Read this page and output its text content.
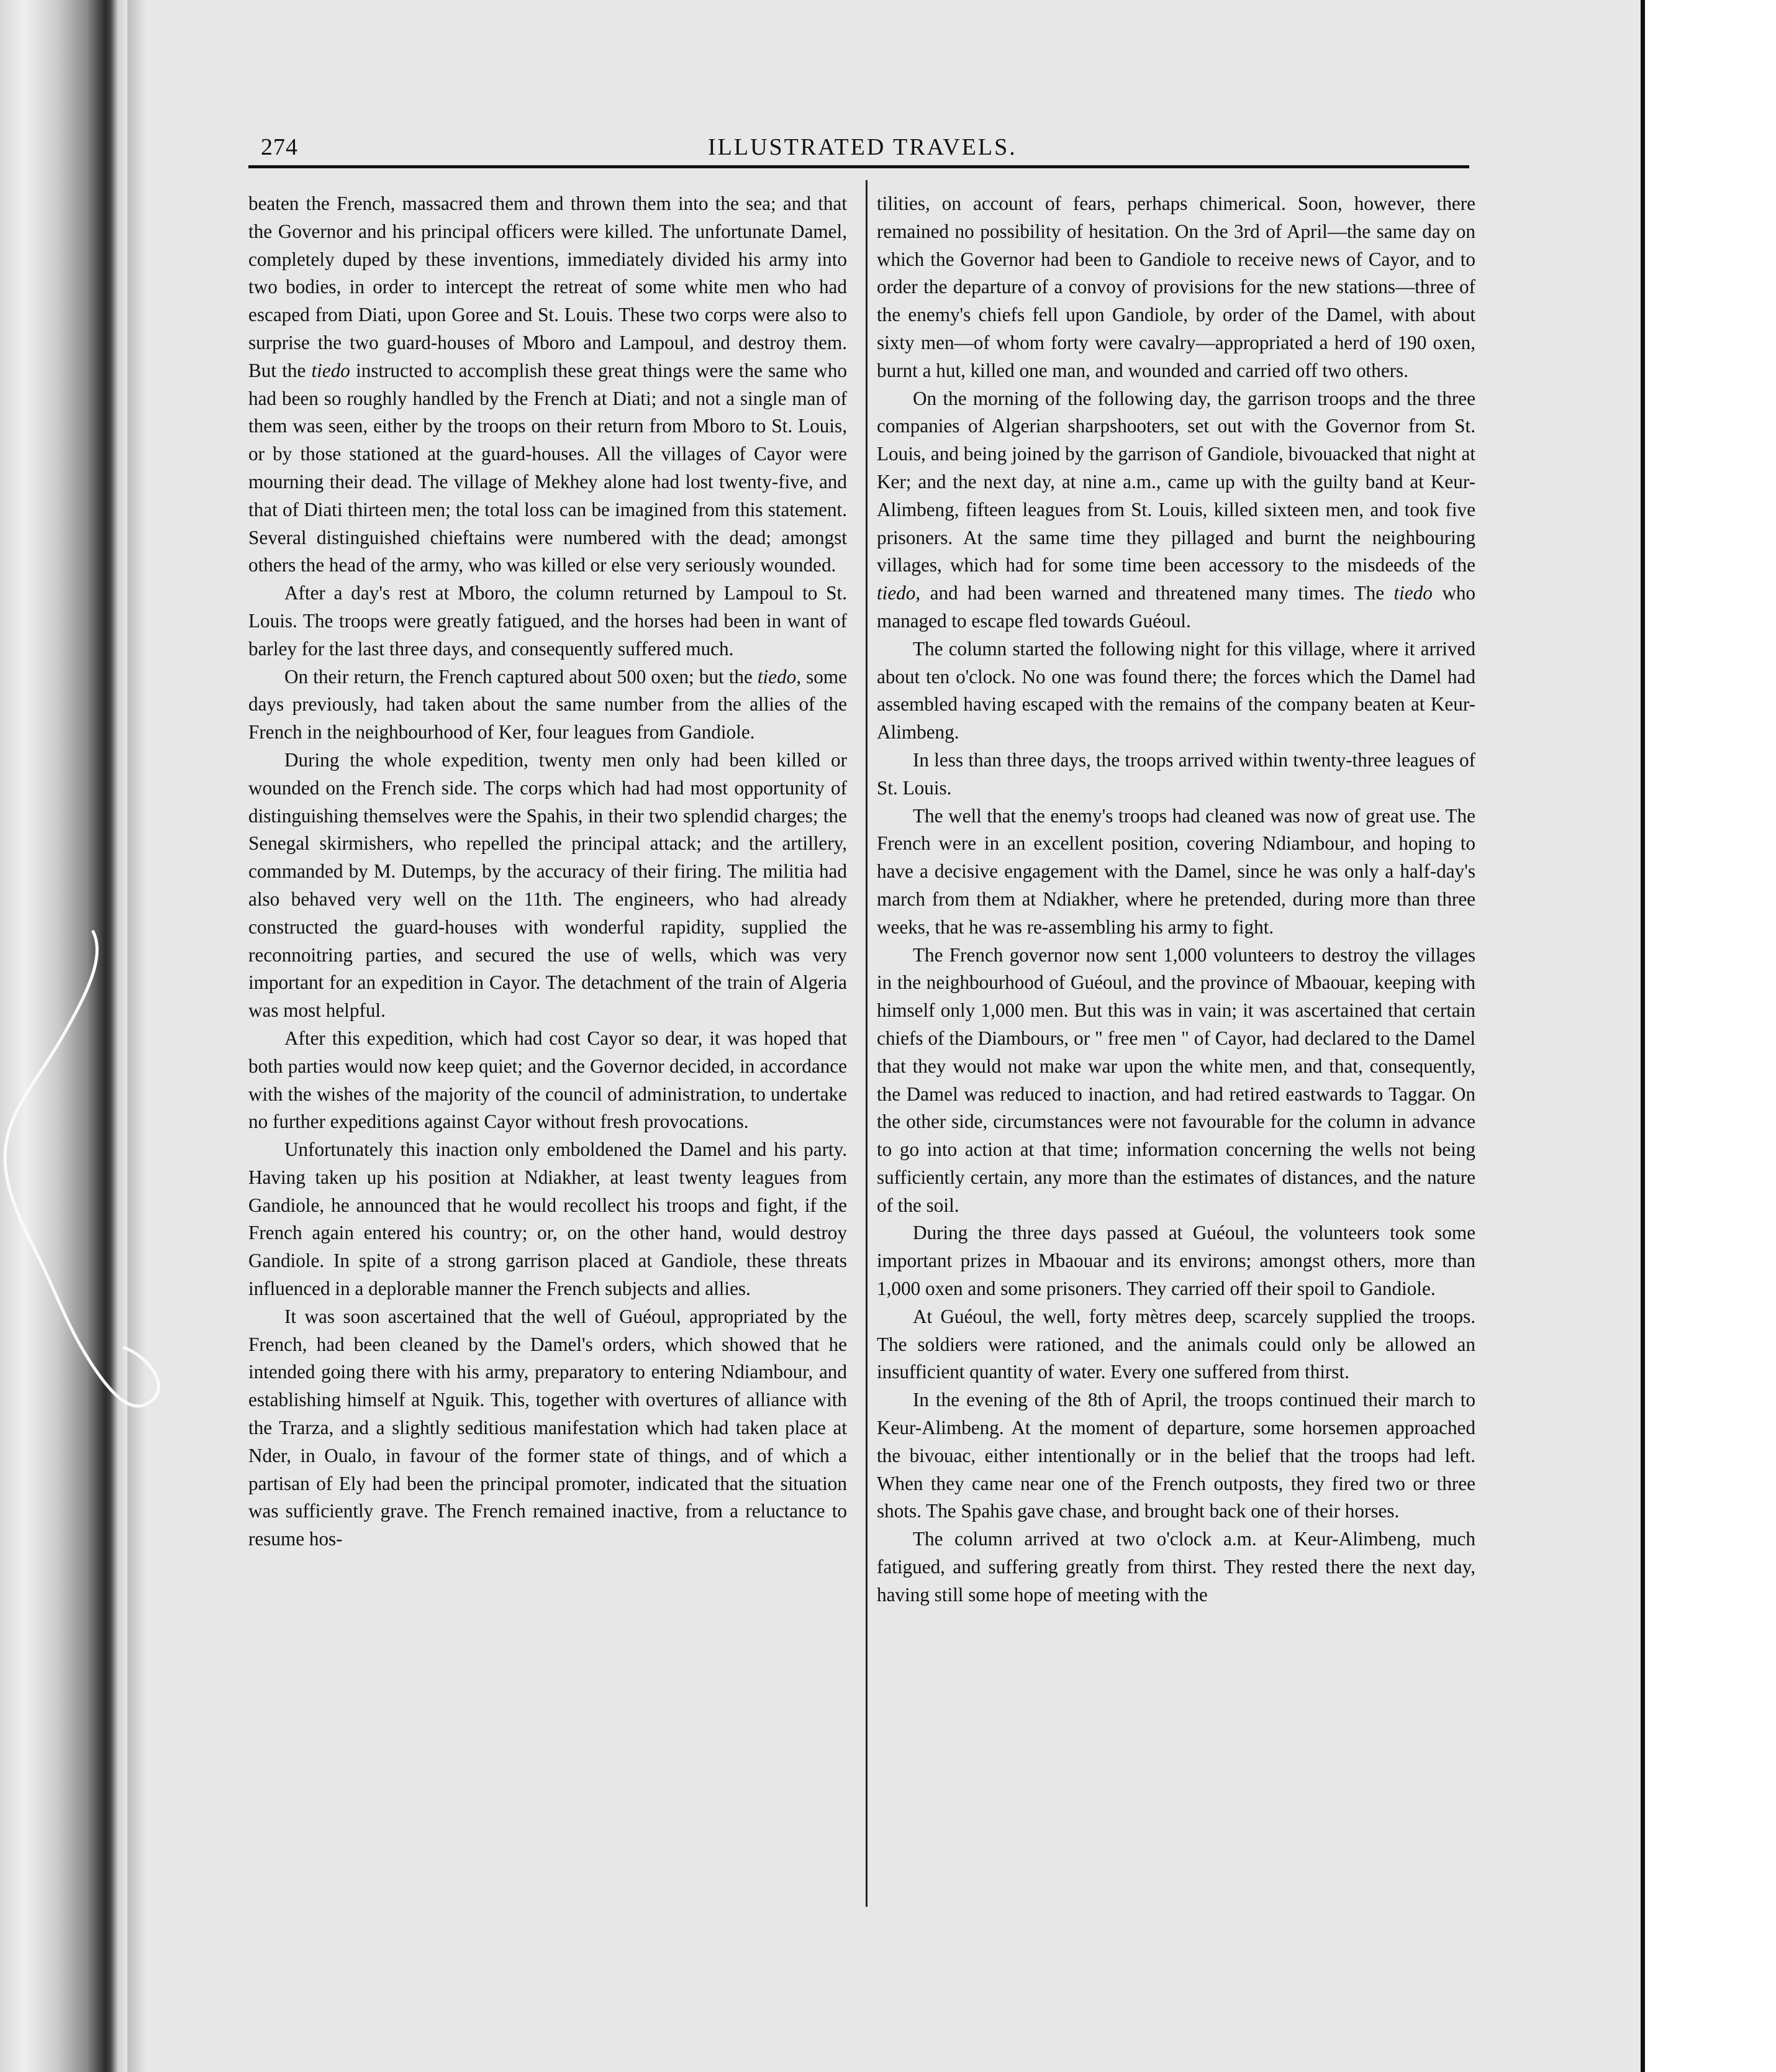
274	ILLUSTRATED TRAVELS.

beaten the French, massacred them and thrown them into the sea; and that the Governor and his principal officers were killed. The unfortunate Damel, completely duped by these inventions, immediately divided his army into two bodies, in order to intercept the retreat of some white men who had escaped from Diati, upon Goree and St. Louis. These two corps were also to surprise the two guard-houses of Mboro and Lampoul, and destroy them. But the tiedo instructed to accomplish these great things were the same who had been so roughly handled by the French at Diati; and not a single man of them was seen, either by the troops on their return from Mboro to St. Louis, or by those stationed at the guard-houses. All the villages of Cayor were mourning their dead. The village of Mekhey alone had lost twenty-five, and that of Diati thirteen men; the total loss can be imagined from this statement. Several distinguished chieftains were numbered with the dead; amongst others the head of the army, who was killed or else very seriously wounded.

After a day's rest at Mboro, the column returned by Lampoul to St. Louis. The troops were greatly fatigued, and the horses had been in want of barley for the last three days, and consequently suffered much.

On their return, the French captured about 500 oxen; but the tiedo, some days previously, had taken about the same number from the allies of the French in the neighbourhood of Ker, four leagues from Gandiole.

During the whole expedition, twenty men only had been killed or wounded on the French side. The corps which had had most opportunity of distinguishing themselves were the Spahis, in their two splendid charges; the Senegal skirmishers, who repelled the principal attack; and the artillery, commanded by M. Dutemps, by the accuracy of their firing. The militia had also behaved very well on the 11th. The engineers, who had already constructed the guard-houses with wonderful rapidity, supplied the reconnoitring parties, and secured the use of wells, which was very important for an expedition in Cayor. The detachment of the train of Algeria was most helpful.

After this expedition, which had cost Cayor so dear, it was hoped that both parties would now keep quiet; and the Governor decided, in accordance with the wishes of the majority of the council of administration, to undertake no further expeditions against Cayor without fresh provocations.

Unfortunately this inaction only emboldened the Damel and his party. Having taken up his position at Ndiakher, at least twenty leagues from Gandiole, he announced that he would recollect his troops and fight, if the French again entered his country; or, on the other hand, would destroy Gandiole. In spite of a strong garrison placed at Gandiole, these threats influenced in a deplorable manner the French subjects and allies.

It was soon ascertained that the well of Guéoul, appropriated by the French, had been cleaned by the Damel's orders, which showed that he intended going there with his army, preparatory to entering Ndiambour, and establishing himself at Nguik. This, together with overtures of alliance with the Trarza, and a slightly seditious manifestation which had taken place at Nder, in Oualo, in favour of the former state of things, and of which a partisan of Ely had been the principal promoter, indicated that the situation was sufficiently grave. The French remained inactive, from a reluctance to resume hos-

tilities, on account of fears, perhaps chimerical. Soon, however, there remained no possibility of hesitation. On the 3rd of April—the same day on which the Governor had been to Gandiole to receive news of Cayor, and to order the departure of a convoy of provisions for the new stations—three of the enemy's chiefs fell upon Gandiole, by order of the Damel, with about sixty men—of whom forty were cavalry—appropriated a herd of 190 oxen, burnt a hut, killed one man, and wounded and carried off two others.

On the morning of the following day, the garrison troops and the three companies of Algerian sharpshooters, set out with the Governor from St. Louis, and being joined by the garrison of Gandiole, bivouacked that night at Ker; and the next day, at nine a.m., came up with the guilty band at Keur-Alimbeng, fifteen leagues from St. Louis, killed sixteen men, and took five prisoners. At the same time they pillaged and burnt the neighbouring villages, which had for some time been accessory to the misdeeds of the tiedo, and had been warned and threatened many times. The tiedo who managed to escape fled towards Guéoul.

The column started the following night for this village, where it arrived about ten o'clock. No one was found there; the forces which the Damel had assembled having escaped with the remains of the company beaten at Keur-Alimbeng.

In less than three days, the troops arrived within twenty-three leagues of St. Louis.

The well that the enemy's troops had cleaned was now of great use. The French were in an excellent position, covering Ndiambour, and hoping to have a decisive engagement with the Damel, since he was only a half-day's march from them at Ndiakher, where he pretended, during more than three weeks, that he was re-assembling his army to fight.

The French governor now sent 1,000 volunteers to destroy the villages in the neighbourhood of Guéoul, and the province of Mbaouar, keeping with himself only 1,000 men. But this was in vain; it was ascertained that certain chiefs of the Diambours, or " free men " of Cayor, had declared to the Damel that they would not make war upon the white men, and that, consequently, the Damel was reduced to inaction, and had retired eastwards to Taggar. On the other side, circumstances were not favourable for the column in advance to go into action at that time; information concerning the wells not being sufficiently certain, any more than the estimates of distances, and the nature of the soil.

During the three days passed at Guéoul, the volunteers took some important prizes in Mbaouar and its environs; amongst others, more than 1,000 oxen and some prisoners. They carried off their spoil to Gandiole.

At Guéoul, the well, forty mètres deep, scarcely supplied the troops. The soldiers were rationed, and the animals could only be allowed an insufficient quantity of water. Every one suffered from thirst.

In the evening of the 8th of April, the troops continued their march to Keur-Alimbeng. At the moment of departure, some horsemen approached the bivouac, either intentionally or in the belief that the troops had left. When they came near one of the French outposts, they fired two or three shots. The Spahis gave chase, and brought back one of their horses.

The column arrived at two o'clock a.m. at Keur-Alimbeng, much fatigued, and suffering greatly from thirst. They rested there the next day, having still some hope of meeting with the
